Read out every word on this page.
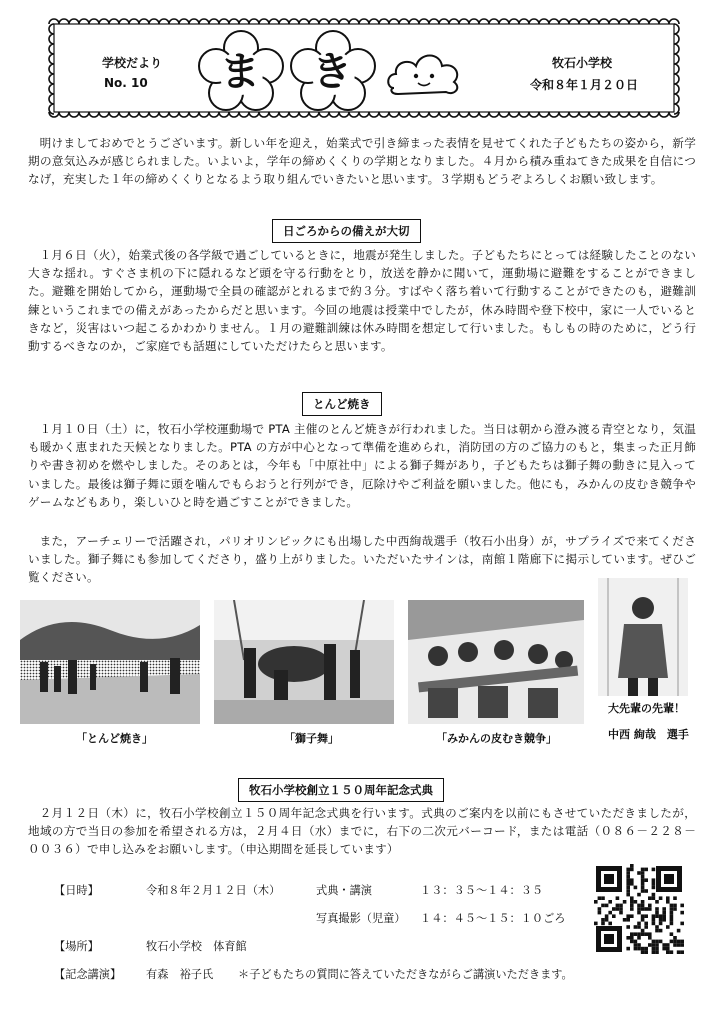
学校だより
No. 10 ま き	牧石小学校
令和８年１月２０日
明けましておめでとうございます。新しい年を迎え，始業式で引き締まった表情を見せてくれた子どもたちの姿から，新学期の意気込みが感じられました。いよいよ，学年の締めくくりの学期となりました。４月から積み重ねてきた成果を自信につなげ，充実した１年の締めくくりとなるよう取り組んでいきたいと思います。３学期もどうぞよろしくお願い致します。
日ごろからの備えが大切
１月６日（火），始業式後の各学級で過ごしているときに，地震が発生しました。子どもたちにとっては経験したことのない大きな揺れ。すぐさま机の下に隠れるなど頭を守る行動をとり，放送を静かに聞いて，運動場に避難をすることができました。避難を開始してから，運動場で全員の確認がとれるまで約３分。すばやく落ち着いて行動することができたのも，避難訓練というこれまでの備えがあったからだと思います。今回の地震は授業中でしたが，休み時間や登下校中，家に一人でいるときなど，災害はいつ起こるかわかりません。１月の避難訓練は休み時間を想定して行いました。もしもの時のために，どう行動するべきなのか，ご家庭でも話題にしていただけたらと思います。
とんど焼き
１月１０日（土）に，牧石小学校運動場で PTA 主催のとんど焼きが行われました。当日は朝から澄み渡る青空となり，気温も暖かく恵まれた天候となりました。PTA の方が中心となって準備を進められ，消防団の方のご協力のもと，集まった正月飾りや書き初めを燃やしました。そのあとは，今年も「中原社中」による獅子舞があり，子どもたちは獅子舞の動きに見入っていました。最後は獅子舞に頭を噛んでもらおうと行列ができ，厄除けやご利益を願いました。他にも，みかんの皮むき競争やゲームなどもあり，楽しいひと時を過ごすことができました。
また，アーチェリーで活躍され，パリオリンピックにも出場した中西絢哉選手（牧石小出身）が，サプライズで来てくださいました。獅子舞にも参加してくださり，盛り上がりました。いただいたサインは，南館１階廊下に掲示しています。ぜひご覧ください。
「とんど焼き」	「獅子舞」	「みかんの皮むき競争」
大先輩の先輩！
中西 絢哉　選手
牧石小学校創立１５０周年記念式典
２月１２日（木）に，牧石小学校創立１５０周年記念式典を行います。式典のご案内を以前にもさせていただきましたが，地域の方で当日の参加を希望される方は，２月４日（水）までに，右下の二次元バーコード，または電話（０８６－２２８－００３６）で申し込みをお願いします。（申込期間を延長しています）
【日時】	令和８年２月１２日（木）	式典・講演	１３：３５～１４：３５
写真撮影（児童） １４：４５～１５：１０ごろ
【場所】	牧石小学校　体育館
【記念講演】 有森　裕子氏 ＊子どもたちの質問に答えていただきながらご講演いただきます。
